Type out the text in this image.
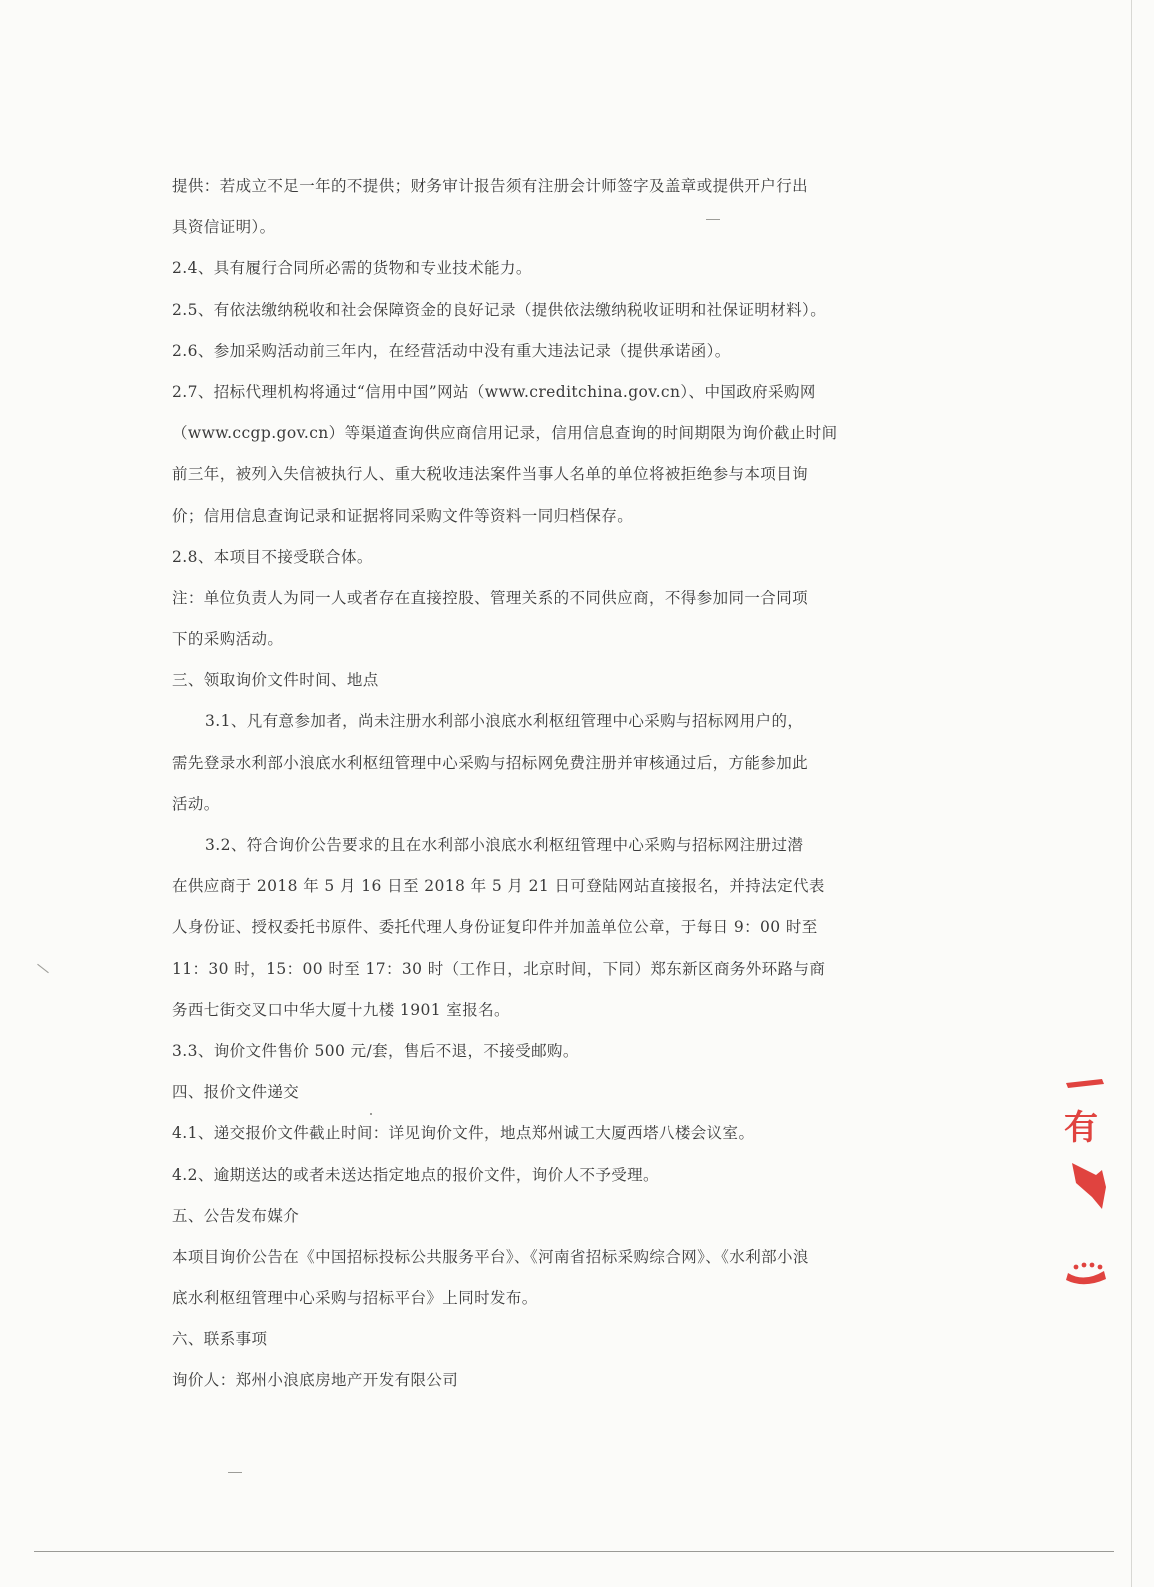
提供：若成立不足一年的不提供；财务审计报告须有注册会计师签字及盖章或提供开户行出
具资信证明）。
2.4、具有履行合同所必需的货物和专业技术能力。
2.5、有依法缴纳税收和社会保障资金的良好记录（提供依法缴纳税收证明和社保证明材料）。
2.6、参加采购活动前三年内，在经营活动中没有重大违法记录（提供承诺函）。
2.7、招标代理机构将通过“信用中国”网站（www.creditchina.gov.cn）、中国政府采购网
（www.ccgp.gov.cn）等渠道查询供应商信用记录，信用信息查询的时间期限为询价截止时间
前三年，被列入失信被执行人、重大税收违法案件当事人名单的单位将被拒绝参与本项目询
价；信用信息查询记录和证据将同采购文件等资料一同归档保存。
2.8、本项目不接受联合体。
注：单位负责人为同一人或者存在直接控股、管理关系的不同供应商，不得参加同一合同项
下的采购活动。
三、领取询价文件时间、地点
3.1、凡有意参加者，尚未注册水利部小浪底水利枢纽管理中心采购与招标网用户的，
需先登录水利部小浪底水利枢纽管理中心采购与招标网免费注册并审核通过后，方能参加此
活动。
3.2、符合询价公告要求的且在水利部小浪底水利枢纽管理中心采购与招标网注册过潜
在供应商于 2018 年 5 月 16 日至 2018 年 5 月 21 日可登陆网站直接报名，并持法定代表
人身份证、授权委托书原件、委托代理人身份证复印件并加盖单位公章，于每日 9：00 时至
11：30 时，15：00 时至 17：30 时（工作日，北京时间，下同）郑东新区商务外环路与商
务西七街交叉口中华大厦十九楼 1901 室报名。
3.3、询价文件售价 500 元/套，售后不退，不接受邮购。
四、报价文件递交
4.1、递交报价文件截止时间：详见询价文件，地点郑州诚工大厦西塔八楼会议室。
4.2、逾期送达的或者未送达指定地点的报价文件，询价人不予受理。
五、公告发布媒介
本项目询价公告在《中国招标投标公共服务平台》、《河南省招标采购综合网》、《水利部小浪
底水利枢纽管理中心采购与招标平台》上同时发布。
六、联系事项
询价人：郑州小浪底房地产开发有限公司
有
